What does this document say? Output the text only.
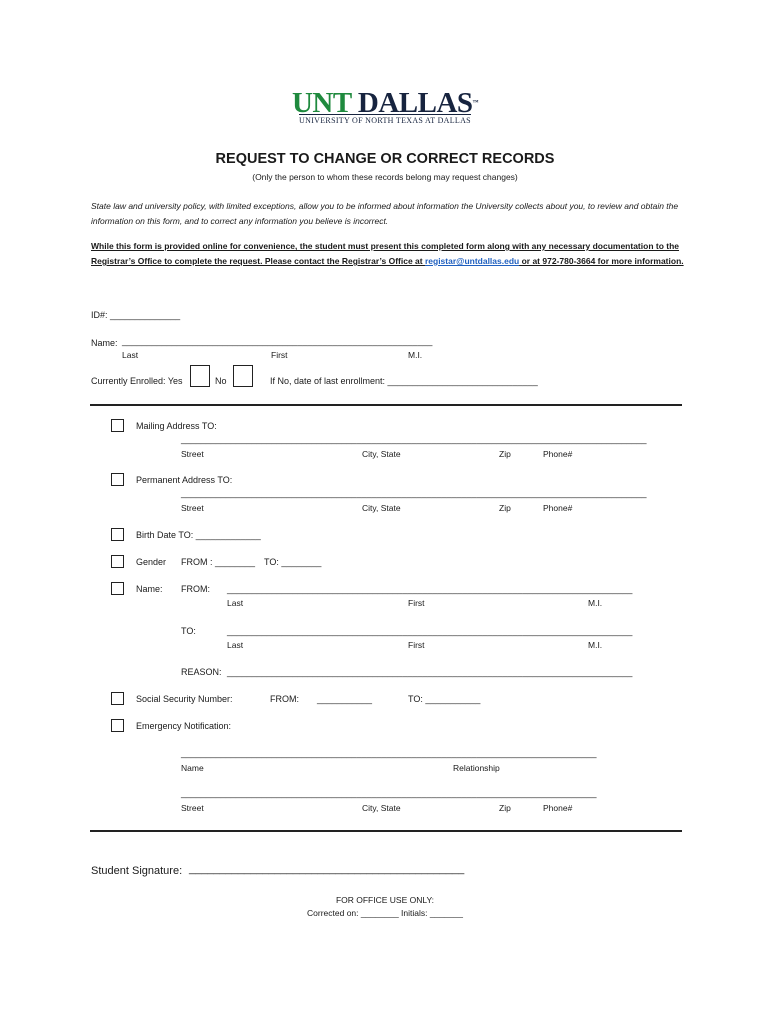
UNT DALLAS™
UNIVERSITY OF NORTH TEXAS AT DALLAS
REQUEST TO CHANGE OR CORRECT RECORDS
(Only the person to whom these records belong may request changes)
State law and university policy, with limited exceptions, allow you to be informed about information the University collects about you, to review and obtain the information on this form, and to correct any information you believe is incorrect.
While this form is provided online for convenience, the student must present this completed form along with any necessary documentation to the Registrar’s Office to complete the request. Please contact the Registrar’s Office at registar@untdallas.edu or at 972-780-3664 for more information.
ID#: ______________
Name: ______________________________________________________________
Last	First	M.I.
Currently Enrolled: Yes	No	If No, date of last enrollment: ______________________________
Mailing Address TO:
_____________________________________________________________________________________________
Street	City, State	Zip	Phone#
Permanent Address TO:
_____________________________________________________________________________________________
Street	City, State	Zip	Phone#
Birth Date TO: _____________
Gender FROM : ________ TO: ________
Name: FROM: _________________________________________________________________________________
Last	First	M.I.
TO:	_________________________________________________________________________________
Last	First	M.I.
REASON: _________________________________________________________________________________
Social Security Number:	FROM: ___________	TO: ___________
Emergency Notification:
___________________________________________________________________________________
Name	Relationship
___________________________________________________________________________________
Street	City, State	Zip	Phone#
Student Signature: _____________________________________________
FOR OFFICE USE ONLY:
Corrected on: ________ Initials: _______
